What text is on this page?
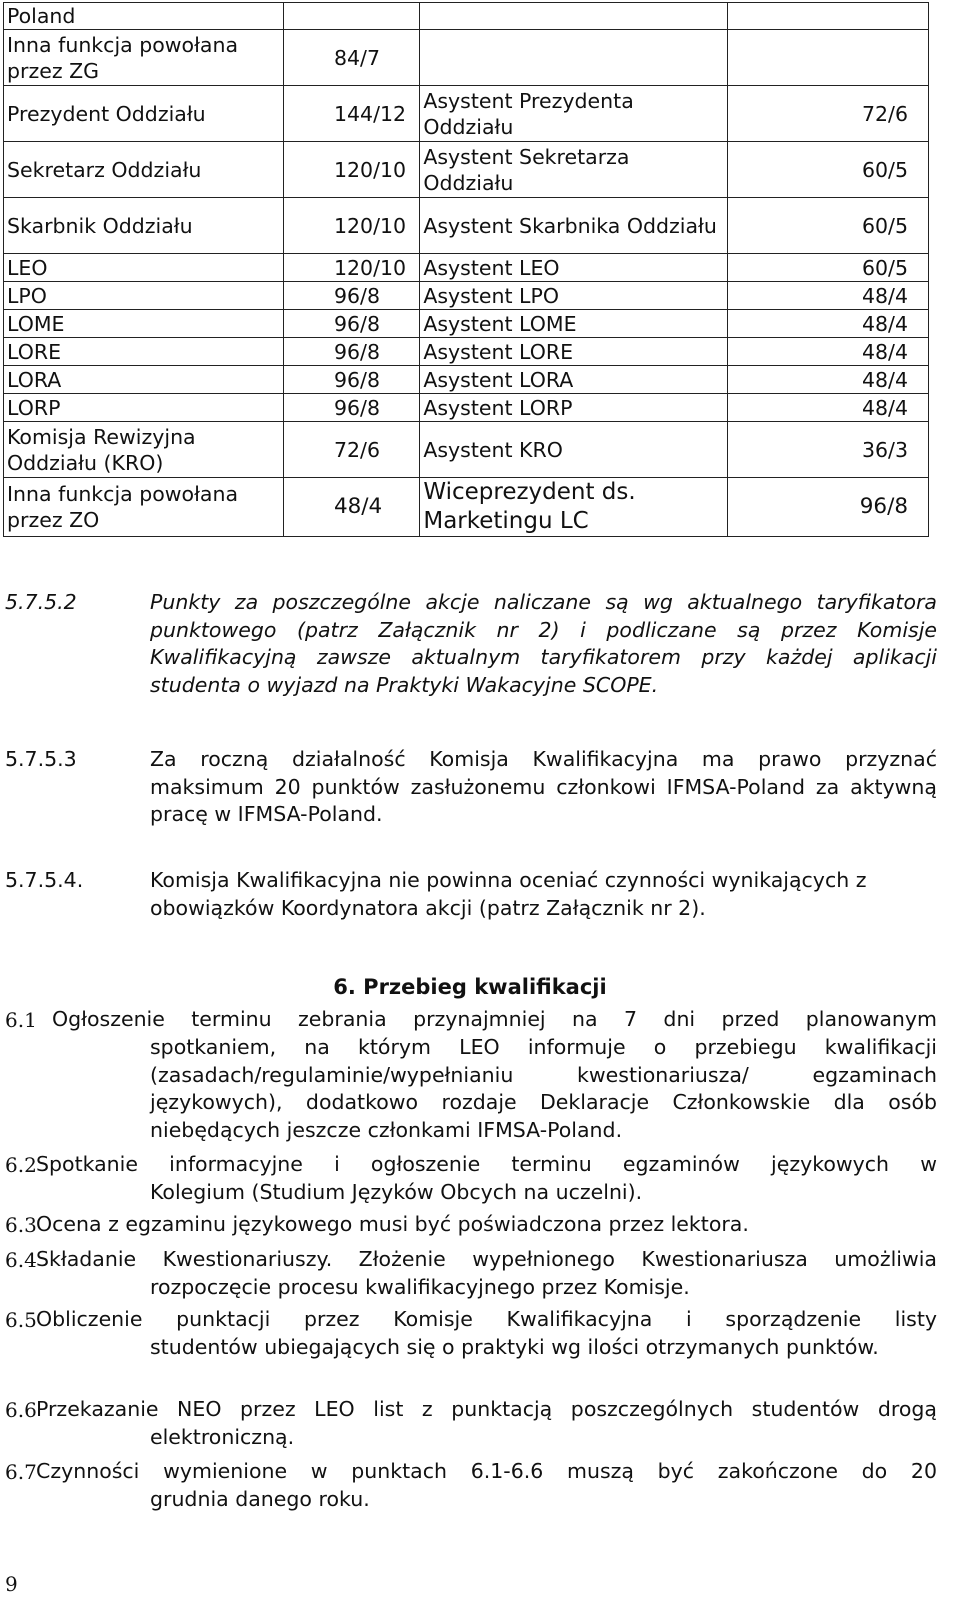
Poland			
Inna funkcja powołana przez ZG	84/7		
Prezydent Oddziału	144/12	Asystent Prezydenta Oddziału	72/6
Sekretarz Oddziału	120/10	Asystent Sekretarza Oddziału	60/5
Skarbnik Oddziału	120/10	Asystent Skarbnika Oddziału	60/5
LEO	120/10	Asystent LEO	60/5
LPO	96/8	Asystent LPO	48/4
LOME	96/8	Asystent LOME	48/4
LORE	96/8	Asystent LORE	48/4
LORA	96/8	Asystent LORA	48/4
LORP	96/8	Asystent LORP	48/4
Komisja Rewizyjna Oddziału (KRO)	72/6	Asystent KRO	36/3
Inna funkcja powołana przez ZO	48/4	Wiceprezydent ds. Marketingu LC	96/8
5.7.5.2	Punkty za poszczególne akcje naliczane są wg aktualnego taryfikatora punktowego (patrz Załącznik nr 2) i podliczane są przez Komisje Kwalifikacyjną zawsze aktualnym taryfikatorem przy każdej aplikacji studenta o wyjazd na Praktyki Wakacyjne SCOPE.
5.7.5.3	Za roczną działalność Komisja Kwalifikacyjna ma prawo przyznać maksimum 20 punktów zasłużonemu członkowi IFMSA-Poland za aktywną pracę w IFMSA-Poland.
5.7.5.4.	Komisja Kwalifikacyjna nie powinna oceniać czynności wynikających z obowiązków Koordynatora akcji (patrz Załącznik nr 2).
6. Przebieg kwalifikacji
6.1 Ogłoszenie terminu zebrania przynajmniej na 7 dni przed planowanym
spotkaniem, na którym LEO informuje o przebiegu kwalifikacji (zasadach/regulaminie/wypełnianiu kwestionariusza/ egzaminach językowych), dodatkowo rozdaje Deklaracje Członkowskie dla osób niebędących jeszcze członkami IFMSA-Poland.
6.2 Spotkanie informacyjne i ogłoszenie terminu egzaminów językowych w
Kolegium (Studium Języków Obcych na uczelni).
6.3 Ocena z egzaminu językowego musi być poświadczona przez lektora.
6.4 Składanie Kwestionariuszy. Złożenie wypełnionego Kwestionariusza umożliwia
rozpoczęcie procesu kwalifikacyjnego przez Komisje.
6.5 Obliczenie punktacji przez Komisje Kwalifikacyjna i sporządzenie listy
studentów ubiegających się o praktyki wg ilości otrzymanych punktów.
6.6 Przekazanie NEO przez LEO list z punktacją poszczególnych studentów drogą
elektroniczną.
6.7 Czynności wymienione w punktach 6.1-6.6 muszą być zakończone do 20
grudnia danego roku.
9
